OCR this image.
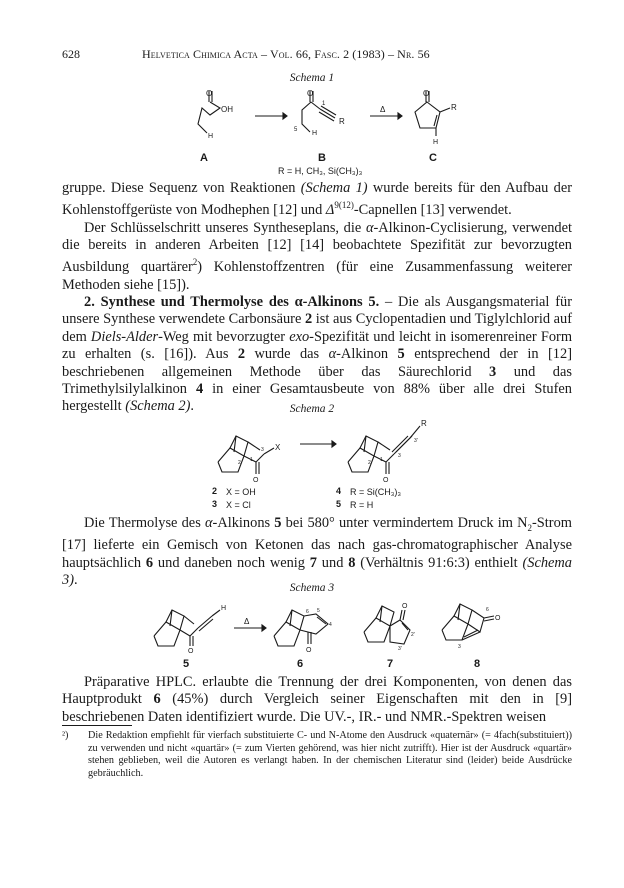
628	Helvetica Chimica Acta – Vol. 66, Fasc. 2 (1983) – Nr. 56
Schema 1
O
OH
H
O
R
H
5
1
Δ
O
R
H
A	B	C
R = H, CH₃, Si(CH₃)₃

gruppe. Diese Sequenz von Reaktionen (Schema 1) wurde bereits für den Aufbau der Kohlenstoffgerüste von Modhephen [12] und $\Delta^{9(12)}$-Capnellen [13] verwendet.

Der Schlüsselschritt unseres Syntheseplans, die α-Alkinon-Cyclisierung, verwendet die bereits in anderen Arbeiten [12] [14] beobachtete Spezifität zur bevorzugten Ausbildung quartärer$^2$) Kohlenstoffzentren (für eine Zusammenfassung weiterer Methoden siehe [15]).

2. Synthese und Thermolyse des α-Alkinons 5. – Die als Ausgangsmaterial für unsere Synthese verwendete Carbonsäure 2 ist aus Cyclopentadien und Tiglylchlorid auf dem Diels-Alder-Weg mit bevorzugter exo-Spezifität und leicht in isomerenreiner Form zu erhalten (s. [16]). Aus 2 wurde das α-Alkinon 5 entsprechend der in [12] beschriebenen allgemeinen Methode über das Säurechlorid 3 und das Trimethylsilylalkinon 4 in einer Gesamtausbeute von 88% über alle drei Stufen hergestellt (Schema 2).	Schema 2
X
O
1
2
3
R
O
1
2
3
3'
2 X = OH
3 X = Cl
4 R = Si(CH₃)₃
5 R = H

Die Thermolyse des α-Alkinons 5 bei 580° unter vermindertem Druck im $N_2$-Strom [17] lieferte ein Gemisch von Ketonen das nach gas-chromatographischer Analyse hauptsächlich 6 und daneben noch wenig 7 und 8 (Verhältnis 91:6:3) enthielt (Schema 3).	Schema 3
H
O
Δ
O
4
5
6
O
2'
3'
O
6
3
5	6	7	8

Präparative HPLC. erlaubte die Trennung der drei Komponenten, von denen das Hauptprodukt 6 (45%) durch Vergleich seiner Eigenschaften mit den in [9] beschriebenen Daten identifiziert wurde. Die UV.-, IR.- und NMR.-Spektren weisen

²) Die Redaktion empfiehlt für vierfach substituierte C- und N-Atome den Ausdruck «quaternär» (= 4fach(substituiert)) zu verwenden und nicht «quartär» (= zum Vierten gehörend, was hier nicht zutrifft). Hier ist der Ausdruck «quartär» stehen geblieben, weil die Autoren es verlangt haben. In der chemischen Literatur sind (leider) beide Ausdrücke gebräuchlich.
